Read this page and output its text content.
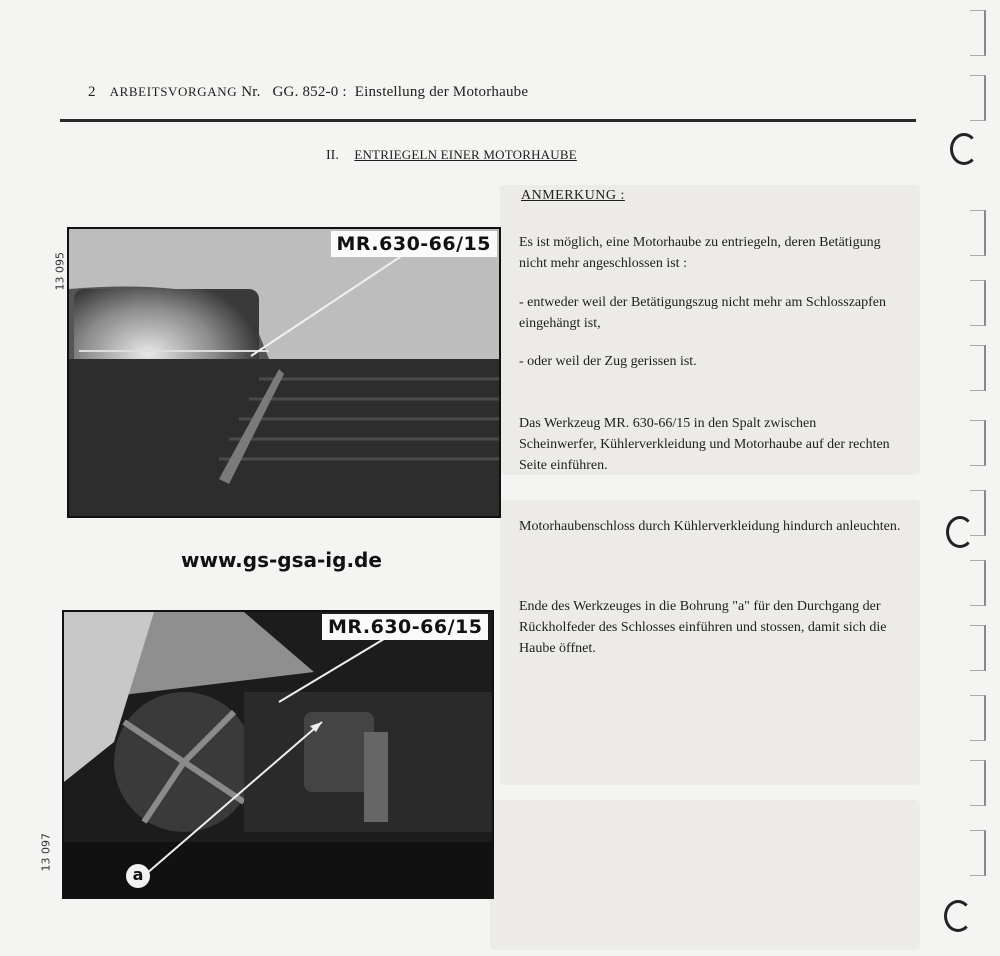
2 ARBEITSVORGANG Nr. GG. 852-0 : Einstellung der Motorhaube
II. ENTRIEGELN EINER MOTORHAUBE
ANMERKUNG :
Es ist möglich, eine Motorhaube zu entriegeln, deren Betätigung nicht mehr angeschlossen ist :
- entweder weil der Betätigungszug nicht mehr am Schlosszapfen eingehängt ist,
- oder weil der Zug gerissen ist.
Das Werkzeug MR. 630-66/15 in den Spalt zwischen Scheinwerfer, Kühlerverkleidung und Motorhaube auf der rechten Seite einführen.
Motorhaubenschloss durch Kühlerverkleidung hindurch anleuchten.
Ende des Werkzeuges in die Bohrung "a" für den Durchgang der Rückholfeder des Schlosses einführen und stossen, damit sich die Haube öffnet.
MR.630-66/15
13 095
www.gs-gsa-ig.de
MR.630-66/15
a
13 097
